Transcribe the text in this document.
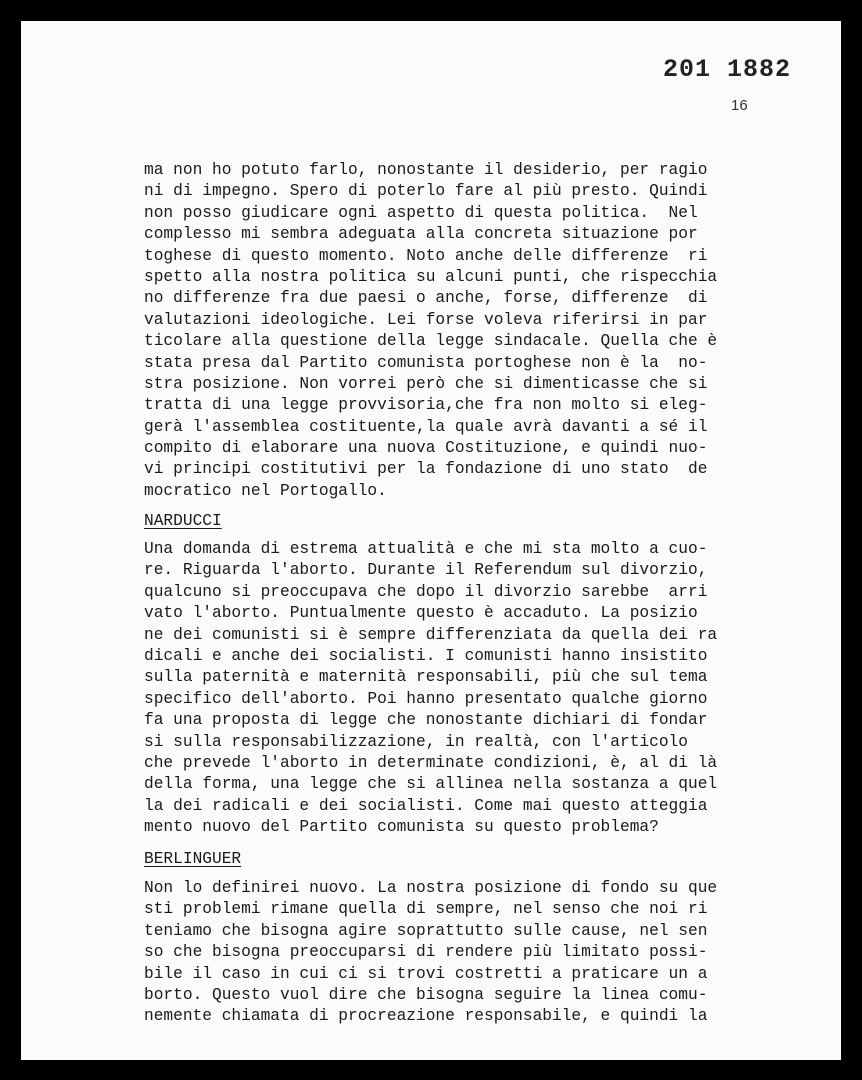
201 1882
16
ma non ho potuto farlo, nonostante il desiderio, per ragio
ni di impegno. Spero di poterlo fare al più presto. Quindi
non posso giudicare ogni aspetto di questa politica.  Nel
complesso mi sembra adeguata alla concreta situazione por
toghese di questo momento. Noto anche delle differenze  ri
spetto alla nostra politica su alcuni punti, che rispecchia
no differenze fra due paesi o anche, forse, differenze  di
valutazioni ideologiche. Lei forse voleva riferirsi in par
ticolare alla questione della legge sindacale. Quella che è
stata presa dal Partito comunista portoghese non è la  no-
stra posizione. Non vorrei però che si dimenticasse che si
tratta di una legge provvisoria,che fra non molto si eleg-
gerà l'assemblea costituente,la quale avrà davanti a sé il
compito di elaborare una nuova Costituzione, e quindi nuo-
vi principi costitutivi per la fondazione di uno stato  de
mocratico nel Portogallo.
NARDUCCI
Una domanda di estrema attualità e che mi sta molto a cuo-
re. Riguarda l'aborto. Durante il Referendum sul divorzio,
qualcuno si preoccupava che dopo il divorzio sarebbe  arri
vato l'aborto. Puntualmente questo è accaduto. La posizio
ne dei comunisti si è sempre differenziata da quella dei ra
dicali e anche dei socialisti. I comunisti hanno insistito
sulla paternità e maternità responsabili, più che sul tema
specifico dell'aborto. Poi hanno presentato qualche giorno
fa una proposta di legge che nonostante dichiari di fondar
si sulla responsabilizzazione, in realtà, con l'articolo
che prevede l'aborto in determinate condizioni, è, al di là
della forma, una legge che si allinea nella sostanza a quel
la dei radicali e dei socialisti. Come mai questo atteggia
mento nuovo del Partito comunista su questo problema?
BERLINGUER
Non lo definirei nuovo. La nostra posizione di fondo su que
sti problemi rimane quella di sempre, nel senso che noi ri
teniamo che bisogna agire soprattutto sulle cause, nel sen
so che bisogna preoccuparsi di rendere più limitato possi-
bile il caso in cui ci si trovi costretti a praticare un a
borto. Questo vuol dire che bisogna seguire la linea comu-
nemente chiamata di procreazione responsabile, e quindi la
